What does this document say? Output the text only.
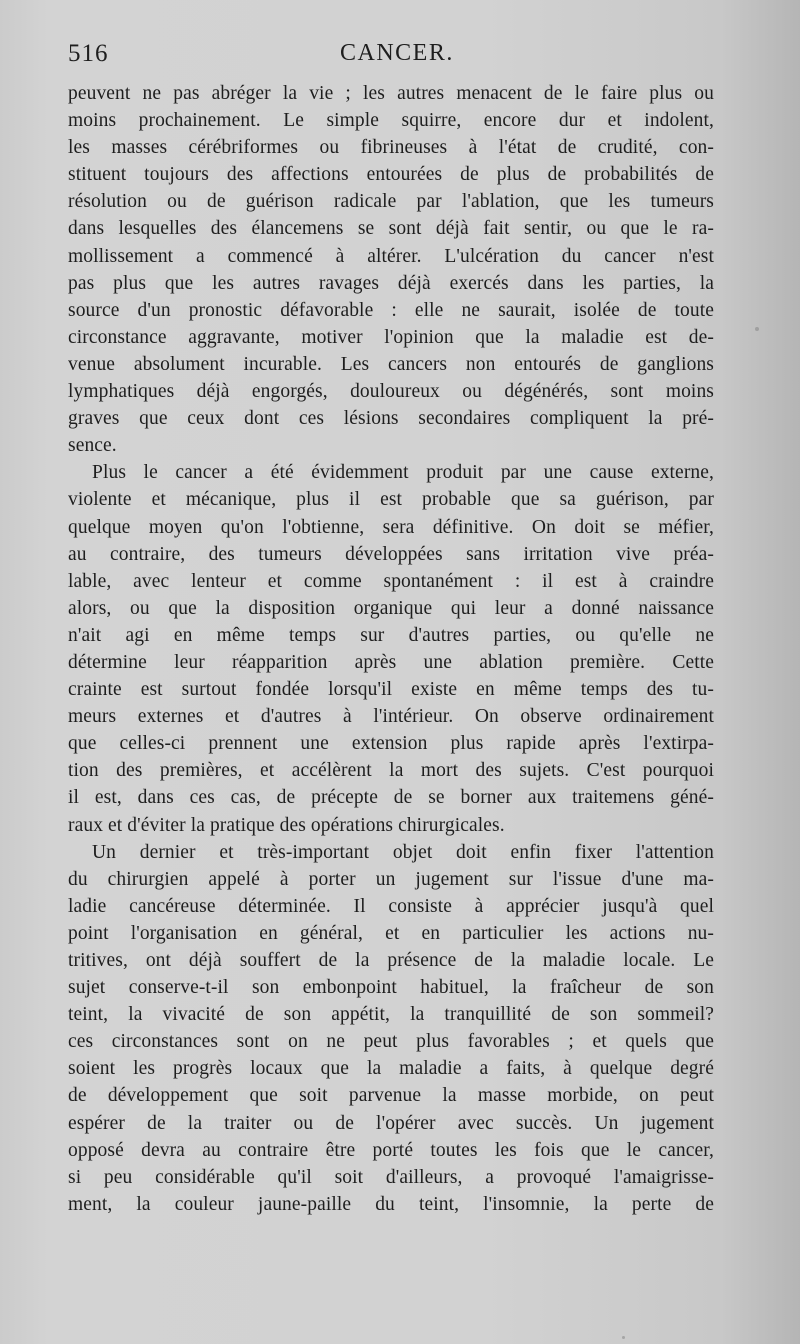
516	CANCER.
peuvent ne pas abréger la vie ; les autres menacent de le faire plus ou
moins prochainement. Le simple squirre, encore dur et indolent,
les masses cérébriformes ou fibrineuses à l'état de crudité, con-
stituent toujours des affections entourées de plus de probabilités de
résolution ou de guérison radicale par l'ablation, que les tumeurs
dans lesquelles des élancemens se sont déjà fait sentir, ou que le ra-
mollissement a commencé à altérer. L'ulcération du cancer n'est
pas plus que les autres ravages déjà exercés dans les parties, la
source d'un pronostic défavorable : elle ne saurait, isolée de toute
circonstance aggravante, motiver l'opinion que la maladie est de-
venue absolument incurable. Les cancers non entourés de ganglions
lymphatiques déjà engorgés, douloureux ou dégénérés, sont moins
graves que ceux dont ces lésions secondaires compliquent la pré-
sence.
Plus le cancer a été évidemment produit par une cause externe,
violente et mécanique, plus il est probable que sa guérison, par
quelque moyen qu'on l'obtienne, sera définitive. On doit se méfier,
au contraire, des tumeurs développées sans irritation vive préa-
lable, avec lenteur et comme spontanément : il est à craindre
alors, ou que la disposition organique qui leur a donné naissance
n'ait agi en même temps sur d'autres parties, ou qu'elle ne
détermine leur réapparition après une ablation première. Cette
crainte est surtout fondée lorsqu'il existe en même temps des tu-
meurs externes et d'autres à l'intérieur. On observe ordinairement
que celles-ci prennent une extension plus rapide après l'extirpa-
tion des premières, et accélèrent la mort des sujets. C'est pourquoi
il est, dans ces cas, de précepte de se borner aux traitemens géné-
raux et d'éviter la pratique des opérations chirurgicales.
Un dernier et très-important objet doit enfin fixer l'attention
du chirurgien appelé à porter un jugement sur l'issue d'une ma-
ladie cancéreuse déterminée. Il consiste à apprécier jusqu'à quel
point l'organisation en général, et en particulier les actions nu-
tritives, ont déjà souffert de la présence de la maladie locale. Le
sujet conserve-t-il son embonpoint habituel, la fraîcheur de son
teint, la vivacité de son appétit, la tranquillité de son sommeil?
ces circonstances sont on ne peut plus favorables ; et quels que
soient les progrès locaux que la maladie a faits, à quelque degré
de développement que soit parvenue la masse morbide, on peut
espérer de la traiter ou de l'opérer avec succès. Un jugement
opposé devra au contraire être porté toutes les fois que le cancer,
si peu considérable qu'il soit d'ailleurs, a provoqué l'amaigrisse-
ment, la couleur jaune-paille du teint, l'insomnie, la perte de
